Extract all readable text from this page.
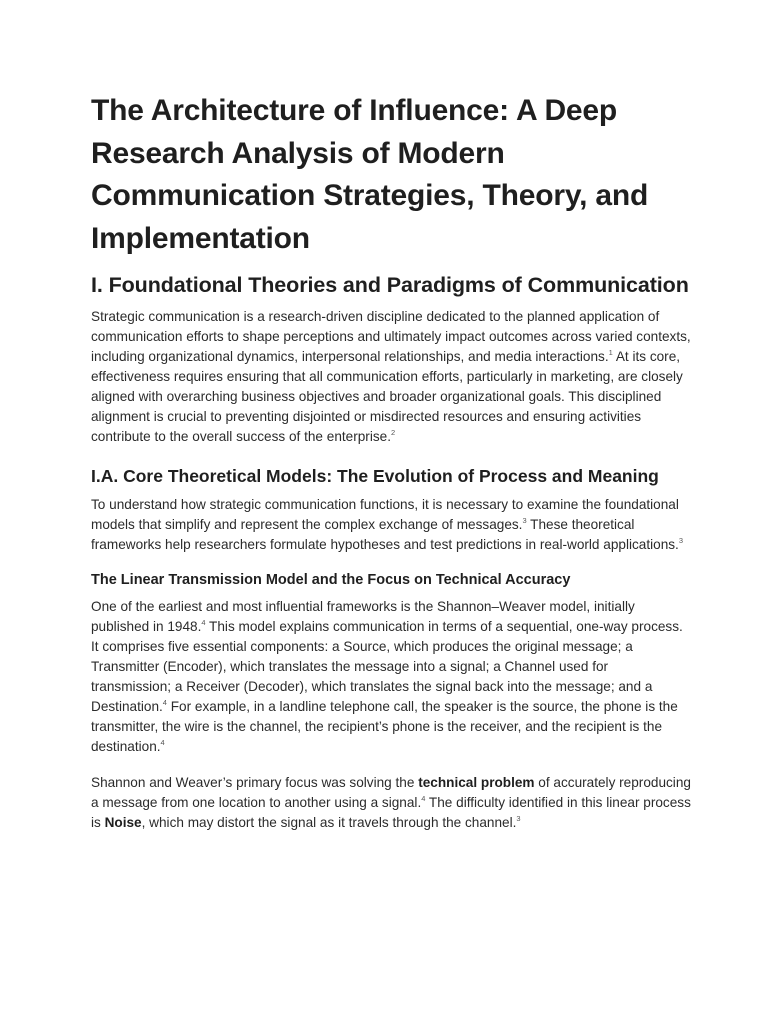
The Architecture of Influence: A Deep Research Analysis of Modern Communication Strategies, Theory, and Implementation
I. Foundational Theories and Paradigms of Communication

Strategic communication is a research-driven discipline dedicated to the planned application of communication efforts to shape perceptions and ultimately impact outcomes across varied contexts, including organizational dynamics, interpersonal relationships, and media interactions.$^1$ At its core, effectiveness requires ensuring that all communication efforts, particularly in marketing, are closely aligned with overarching business objectives and broader organizational goals. This disciplined alignment is crucial to preventing disjointed or misdirected resources and ensuring activities contribute to the overall success of the enterprise.$^2$

I.A. Core Theoretical Models: The Evolution of Process and Meaning

To understand how strategic communication functions, it is necessary to examine the foundational models that simplify and represent the complex exchange of messages.$^3$ These theoretical frameworks help researchers formulate hypotheses and test predictions in real-world applications.$^3$

The Linear Transmission Model and the Focus on Technical Accuracy

One of the earliest and most influential frameworks is the Shannon–Weaver model, initially published in 1948.$^4$ This model explains communication in terms of a sequential, one-way process. It comprises five essential components: a Source, which produces the original message; a Transmitter (Encoder), which translates the message into a signal; a Channel used for transmission; a Receiver (Decoder), which translates the signal back into the message; and a Destination.$^4$ For example, in a landline telephone call, the speaker is the source, the phone is the transmitter, the wire is the channel, the recipient’s phone is the receiver, and the recipient is the destination.$^4$

Shannon and Weaver’s primary focus was solving the technical problem of accurately reproducing a message from one location to another using a signal.$^4$ The difficulty identified in this linear process is Noise, which may distort the signal as it travels through the channel.$^3$
